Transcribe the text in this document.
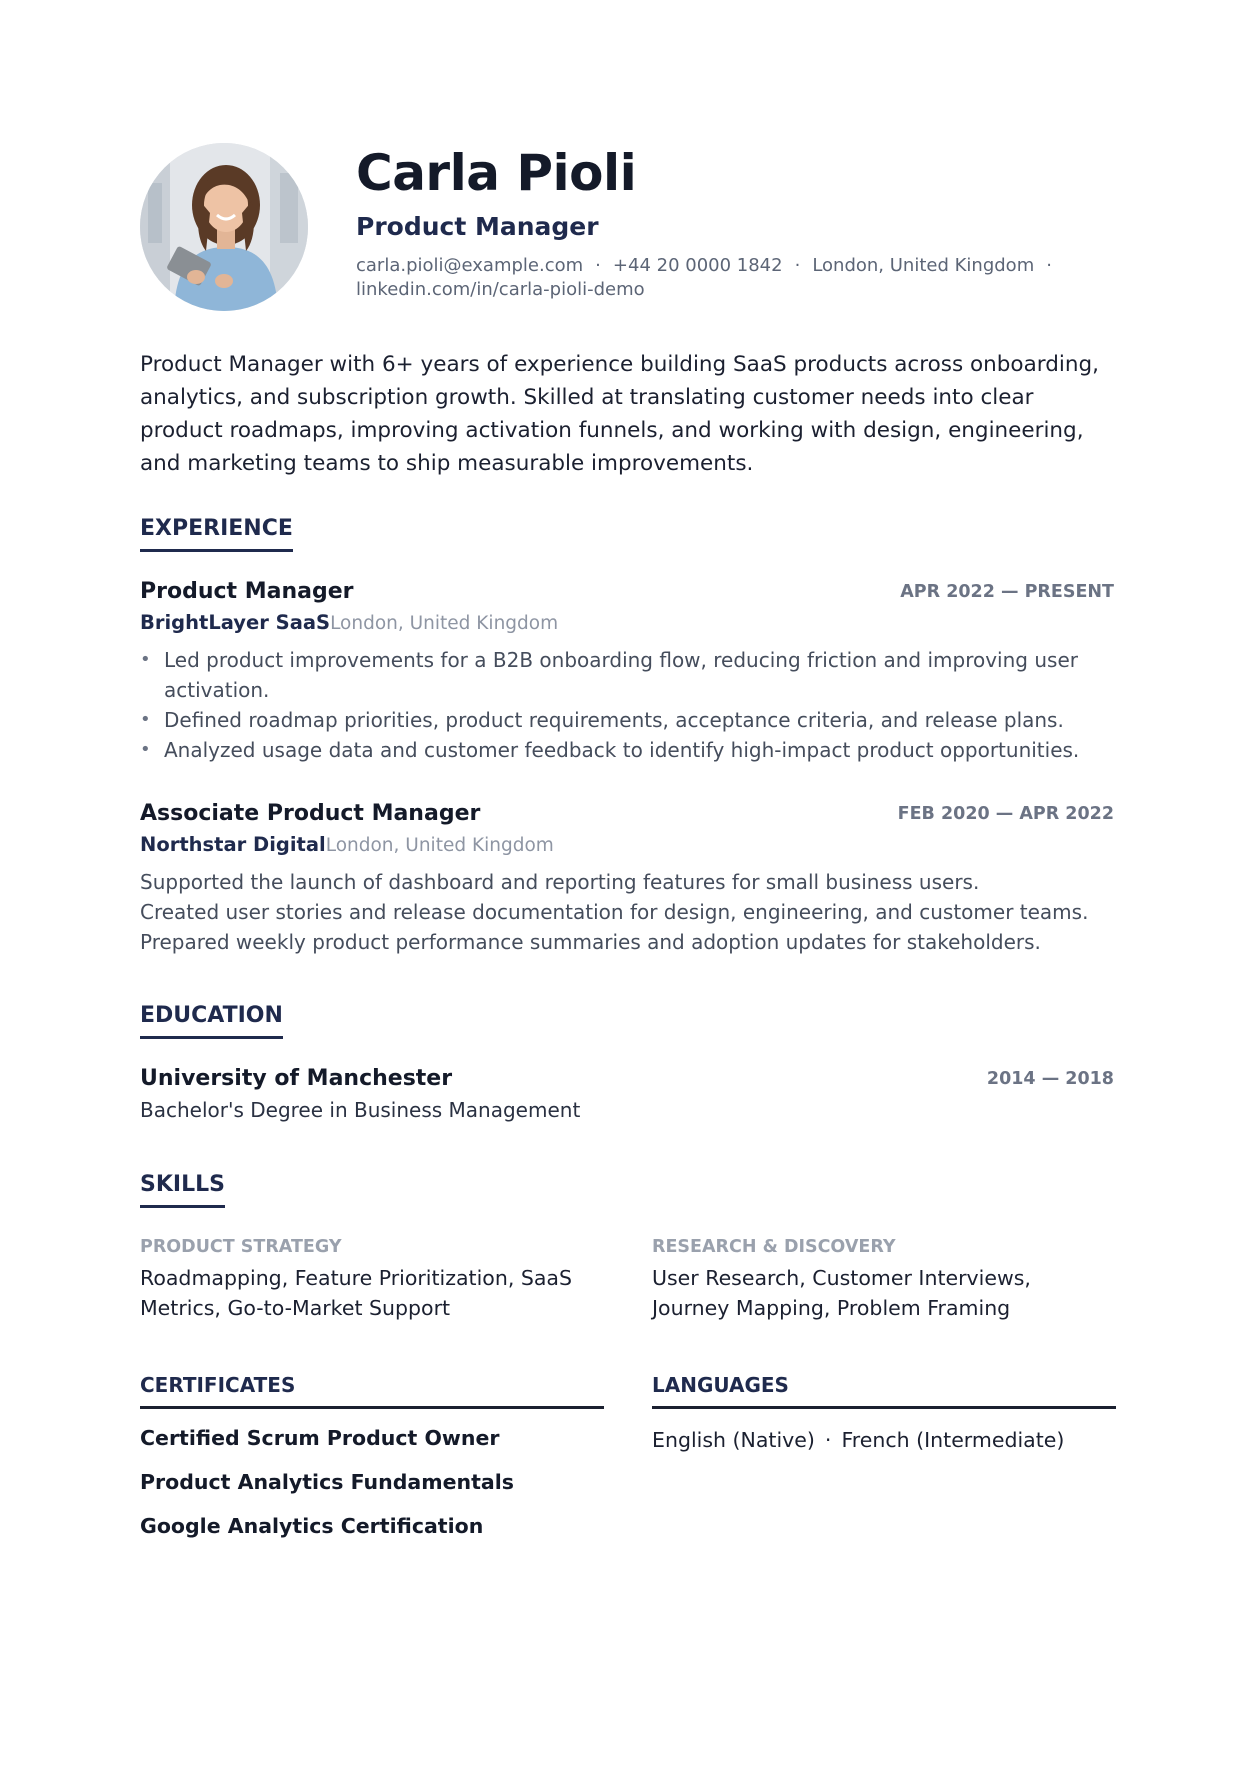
Carla Pioli
Product Manager
carla.pioli@example.com · +44 20 0000 1842 · London, United Kingdom ·
linkedin.com/in/carla-pioli-demo
Product Manager with 6+ years of experience building SaaS products across onboarding, analytics, and subscription growth. Skilled at translating customer needs into clear product roadmaps, improving activation funnels, and working with design, engineering, and marketing teams to ship measurable improvements.
EXPERIENCE
Product Manager	APR 2022 — PRESENT
BrightLayer SaaSLondon, United Kingdom
• Led product improvements for a B2B onboarding flow, reducing friction and improving user activation.
• Defined roadmap priorities, product requirements, acceptance criteria, and release plans.
• Analyzed usage data and customer feedback to identify high-impact product opportunities.
Associate Product Manager	FEB 2020 — APR 2022
Northstar DigitalLondon, United Kingdom
Supported the launch of dashboard and reporting features for small business users.
Created user stories and release documentation for design, engineering, and customer teams.
Prepared weekly product performance summaries and adoption updates for stakeholders.
EDUCATION
University of Manchester	2014 — 2018
Bachelor's Degree in Business Management
SKILLS
PRODUCT STRATEGY
Roadmapping, Feature Prioritization, SaaS Metrics, Go-to-Market Support
RESEARCH & DISCOVERY
User Research, Customer Interviews, Journey Mapping, Problem Framing
CERTIFICATES
Certified Scrum Product Owner
Product Analytics Fundamentals
Google Analytics Certification
LANGUAGES
English (Native) · French (Intermediate)
